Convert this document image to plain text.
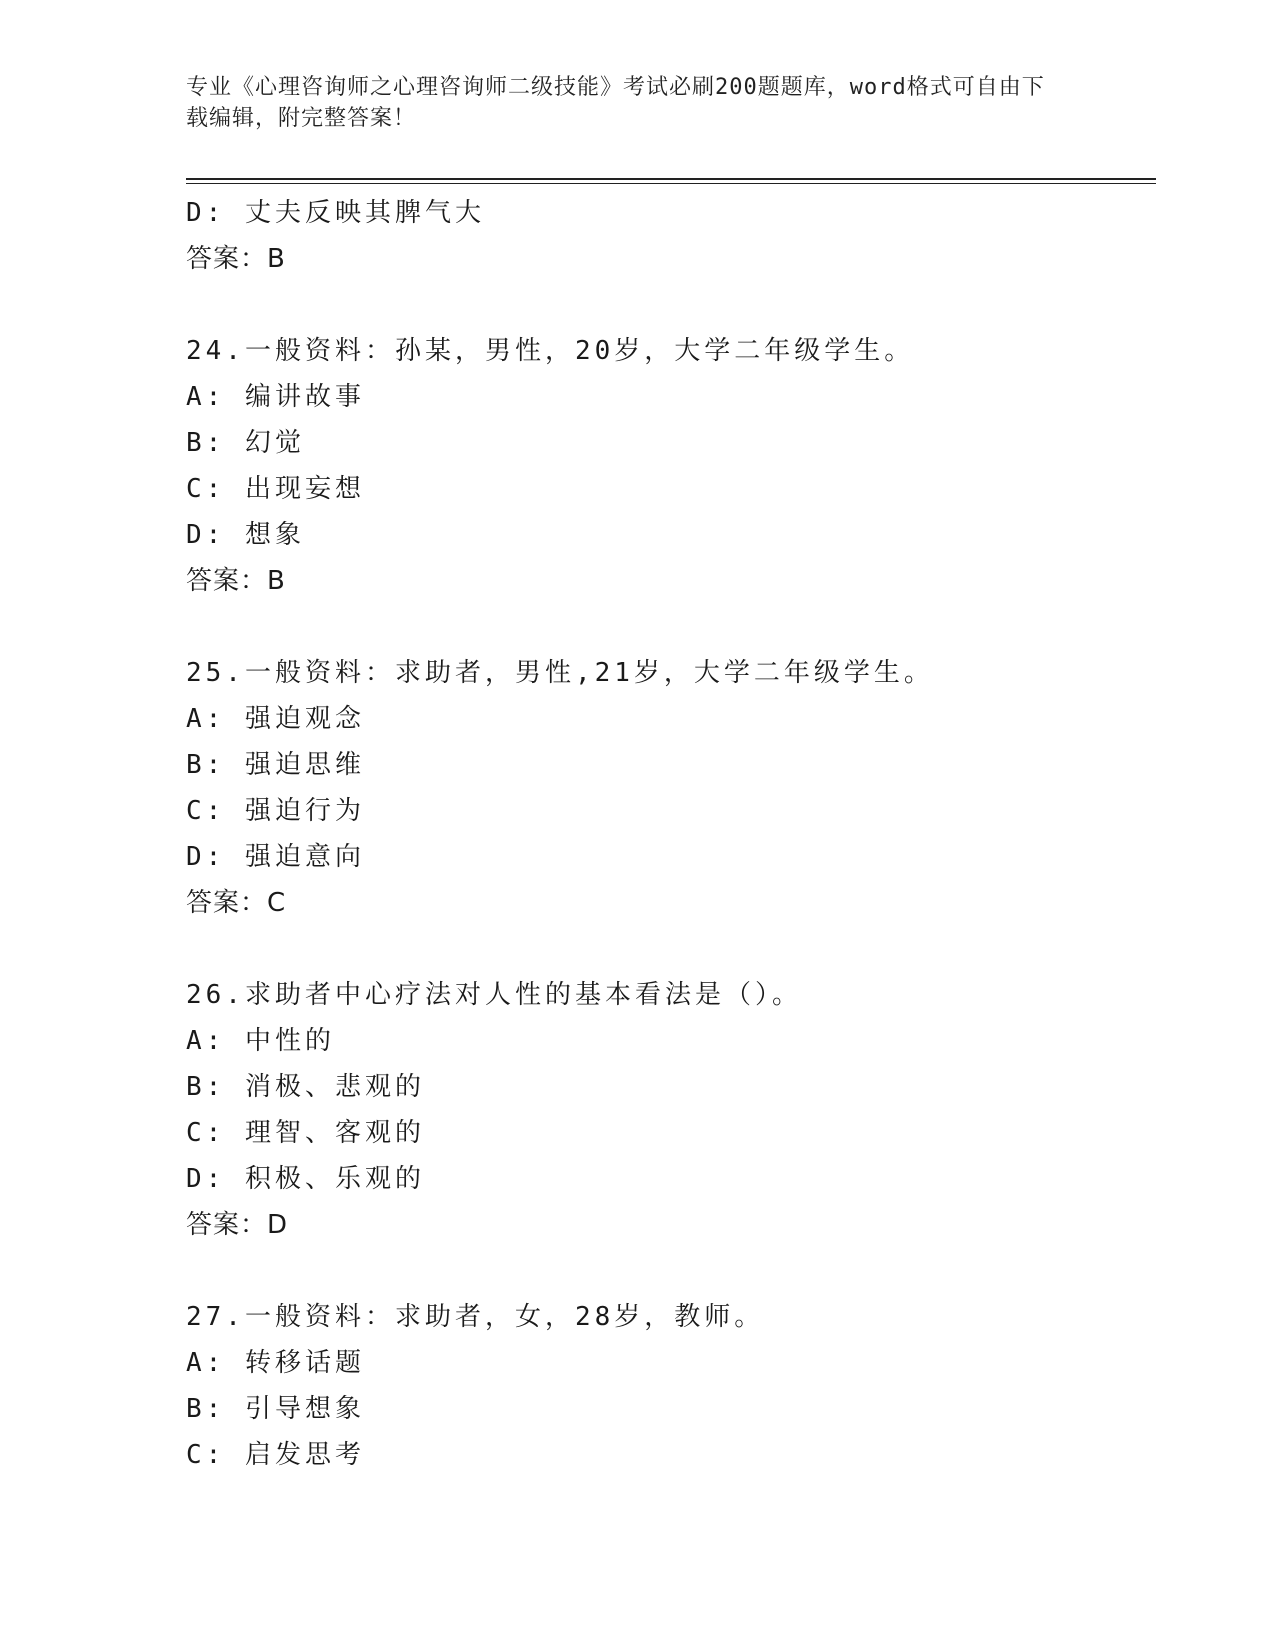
专业《心理咨询师之心理咨询师二级技能》考试必刷200题题库，word格式可自由下载编辑，附完整答案！
D: 丈夫反映其脾气大
答案：B
24.一般资料：孙某，男性，20岁，大学二年级学生。
A: 编讲故事
B: 幻觉
C: 出现妄想
D: 想象
答案：B
25.一般资料：求助者，男性,21岁，大学二年级学生。
A: 强迫观念
B: 强迫思维
C: 强迫行为
D: 强迫意向
答案：C
26.求助者中心疗法对人性的基本看法是（）。
A: 中性的
B: 消极、悲观的
C: 理智、客观的
D: 积极、乐观的
答案：D
27.一般资料：求助者，女，28岁，教师。
A: 转移话题
B: 引导想象
C: 启发思考
